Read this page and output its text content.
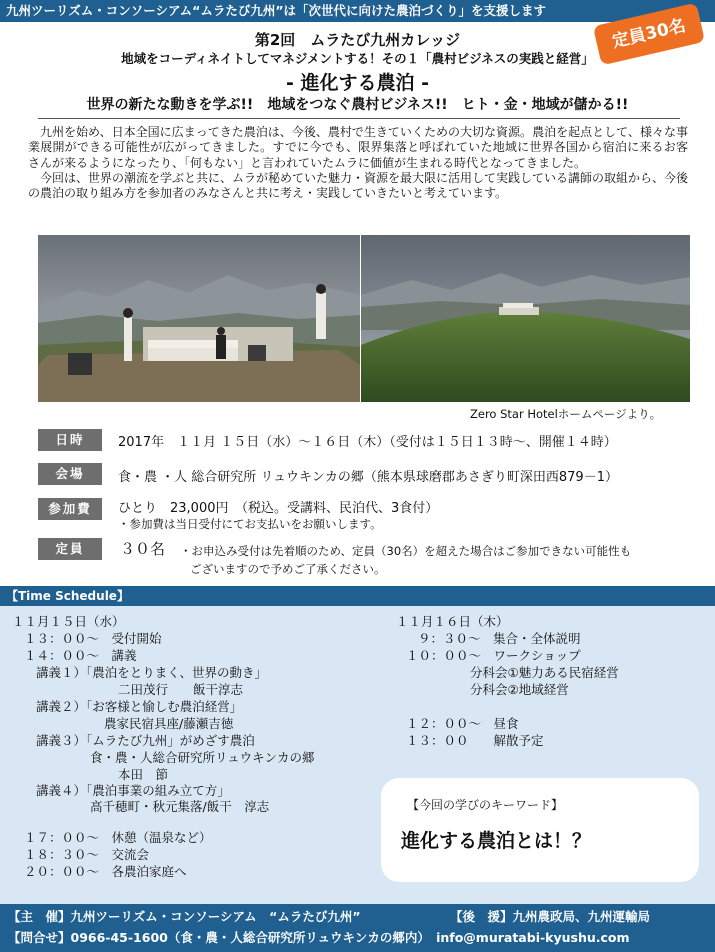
九州ツーリズム・コンソーシアム“ムラたび九州”は「次世代に向けた農泊づくり」を支援します
定員30名
第2回　ムラたび九州カレッジ
地域をコーディネイトしてマネジメントする！その１「農村ビジネスの実践と経営」
- 進化する農泊 -
世界の新たな動きを学ぶ!!　地域をつなぐ農村ビジネス!!　ヒト・金・地域が儲かる!!

九州を始め、日本全国に広まってきた農泊は、今後、農村で生きていくための大切な資源。農泊を起点として、様々な事業展開ができる可能性が広がってきました。すでに今でも、限界集落と呼ばれていた地域に世界各国から宿泊に来るお客さんが来るようになったり、「何もない」と言われていたムラに価値が生まれる時代となってきました。

今回は、世界の潮流を学ぶと共に、ムラが秘めていた魅力・資源を最大限に活用して実践している講師の取組から、今後の農泊の取り組み方を参加者のみなさんと共に考え・実践していきたいと考えています。

Zero Star Hotelホームページより。
日時	2017年　１１月 １５日（水）～１６日（木）（受付は１５日１３時～、開催１４時）
会場	食・農 ・人 総合研究所 リュウキンカの郷（熊本県球磨郡あさぎり町深田西879－1）
参加費	ひとり　23,000円　（税込。受講料、民泊代、3食付）
・参加費は当日受付にてお支払いをお願いします。
定員	３０名 ・お申込み受付は先着順のため、定員（30名）を超えた場合はご参加できない可能性も
ございますので予めご了承ください。
【Time Schedule】
１１月１５日（水）
１３：００～　受付開始
１４：００～　講義
講義１）「農泊をとりまく、世界の動き」
二田茂行　　飯干淳志
講義２）「お客様と愉しむ農泊経営」
農家民宿具座/藤瀬吉徳
講義３）「ムラたび九州」がめざす農泊
食・農・人総合研究所リュウキンカの郷
本田　節
講義４）「農泊事業の組み立て方」
高千穂町・秋元集落/飯干　淳志
１７：００～　休憩（温泉など）
１８：３０～　交流会
２０：００～　各農泊家庭へ
１１月１６日（木）
９：３０～　集合・全体説明
１０：００～　ワークショップ
分科会①魅力ある民宿経営
分科会②地域経営
１２：００～　昼食
１３：００　　解散予定
【今回の学びのキーワード】
進化する農泊とは！？
【主　催】九州ツーリズム・コンソーシアム　“ムラたび九州”	【後　援】九州農政局、九州運輸局
【問合せ】0966-45-1600（食・農・人総合研究所リュウキンカの郷内）　info@muratabi-kyushu.com
